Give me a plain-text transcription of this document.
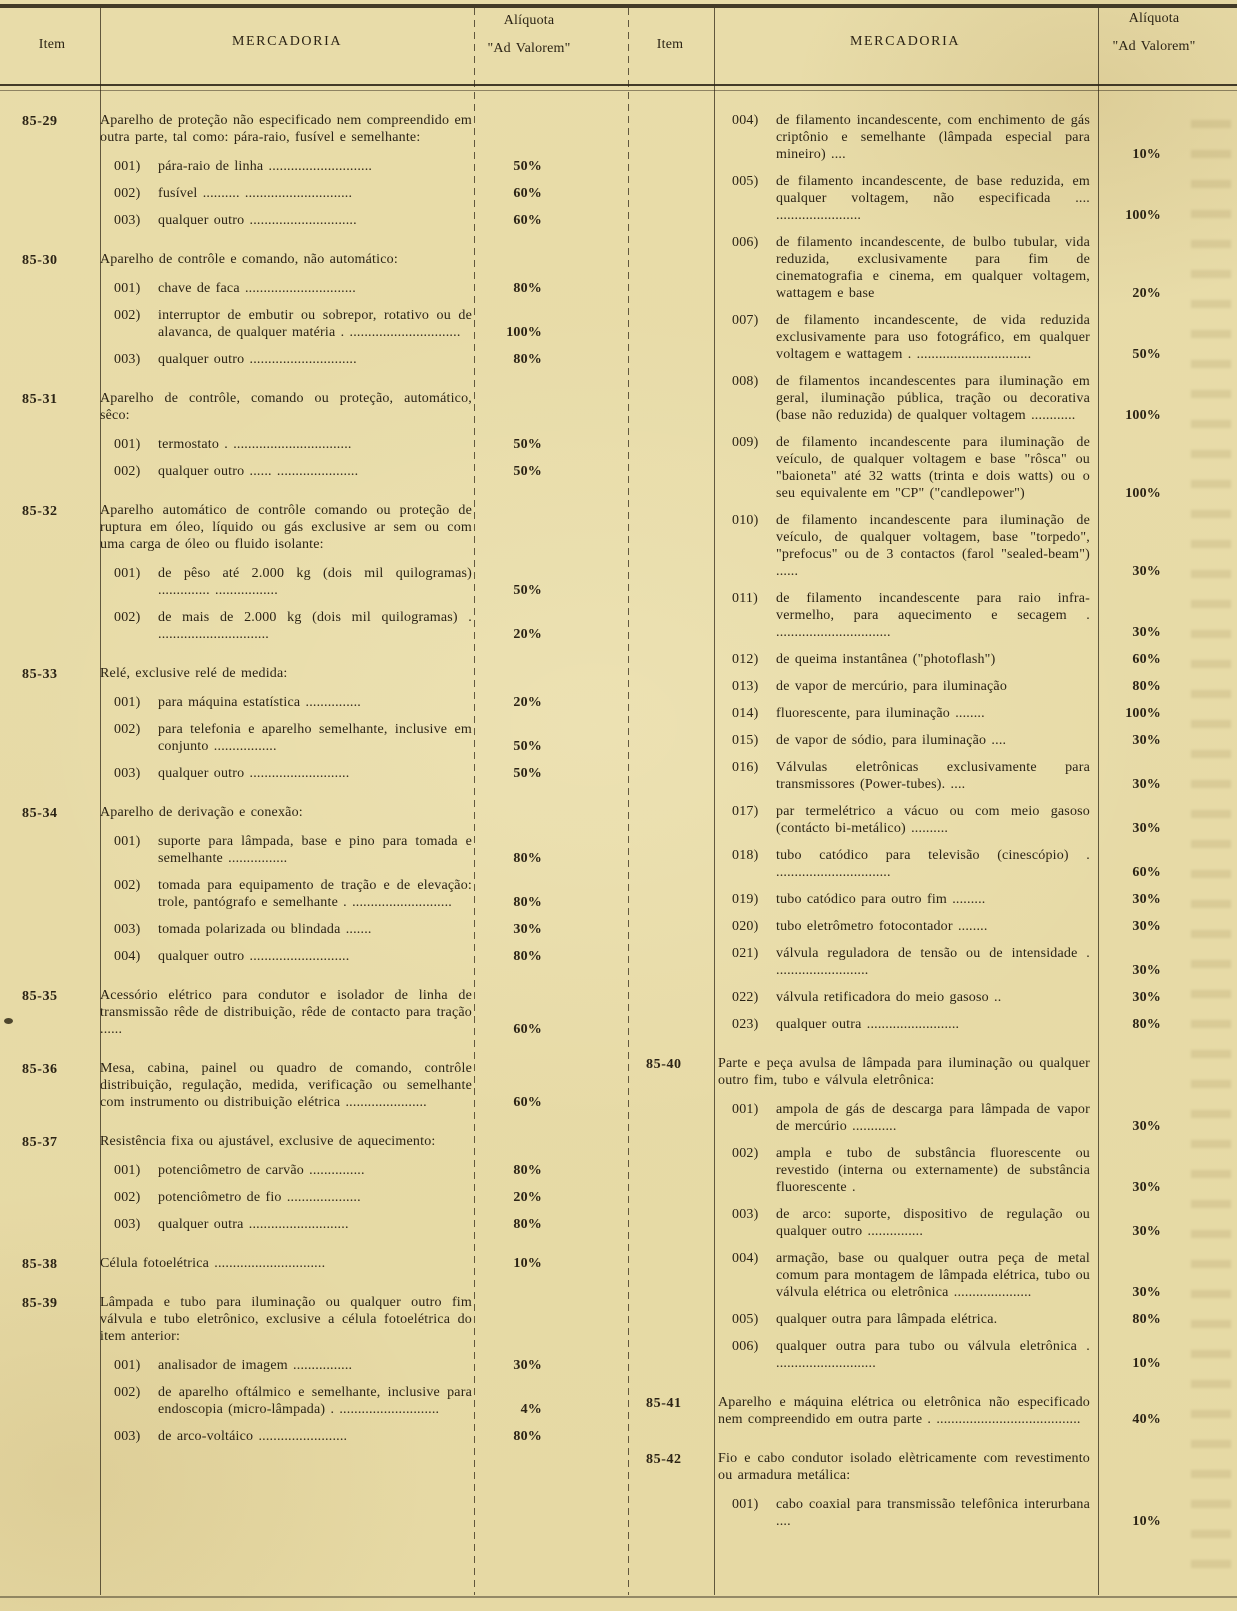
Item	MERCADORIA
Alíquota
"Ad Valorem"	Item	MERCADORIA
Alíquota
"Ad Valorem"
85-29	Aparelho de proteção não especificado nem compreendido em outra parte, tal como: pára-raio, fusível e semelhante:
001)	pára-raio de linha ............................	50%
002)	fusível .......... .............................	60%
003)	qualquer outro .............................	60%
85-30	Aparelho de contrôle e comando, não automático:
001)	chave de faca ..............................	80%
002)	interruptor de embutir ou sobrepor, rotativo ou de alavanca, de qualquer matéria . ..............................	100%
003)	qualquer outro .............................	80%
85-31	Aparelho de contrôle, comando ou proteção, automático, sêco:
001)	termostato . ................................	50%
002)	qualquer outro ...... ......................	50%
85-32	Aparelho automático de contrôle comando ou proteção de ruptura em óleo, líquido ou gás exclusive ar sem ou com uma carga de óleo ou fluido isolante:
001)	de pêso até 2.000 kg (dois mil quilogramas) .............. .................	50%
002)	de mais de 2.000 kg (dois mil quilogramas) . ..............................	20%
85-33	Relé, exclusive relé de medida:
001)	para máquina estatística ...............	20%
002)	para telefonia e aparelho semelhante, inclusive em conjunto .................	50%
003)	qualquer outro ...........................	50%
85-34	Aparelho de derivação e conexão:
001)	suporte para lâmpada, base e pino para tomada e semelhante ................	80%
002)	tomada para equipamento de tração e de elevação: trole, pantógrafo e semelhante . ...........................	80%
003)	tomada polarizada ou blindada .......	30%
004)	qualquer outro ...........................	80%
85-35	Acessório elétrico para condutor e isolador de linha de transmissão rêde de distribuição, rêde de contacto para tração ......	60%
85-36	Mesa, cabina, painel ou quadro de comando, contrôle distribuição, regulação, medida, verificação ou semelhante com instrumento ou distribuição elétrica ......................	60%
85-37	Resistência fixa ou ajustável, exclusive de aquecimento:
001)	potenciômetro de carvão ...............	80%
002)	potenciômetro de fio ....................	20%
003)	qualquer outra ...........................	80%
85-38	Célula fotoelétrica ..............................	10%
85-39	Lâmpada e tubo para iluminação ou qualquer outro fim válvula e tubo eletrônico, exclusive a célula fotoelétrica do item anterior:
001)	analisador de imagem ................	30%
002)	de aparelho oftálmico e semelhante, inclusive para endoscopia (micro-lâmpada) . ...........................	4%
003)	de arco-voltáico ........................	80%
004)	de filamento incandescente, com enchimento de gás criptônio e semelhante (lâmpada especial para mineiro) ....	10%
005)	de filamento incandescente, de base reduzida, em qualquer voltagem, não especificada .... .......................	100%
006)	de filamento incandescente, de bulbo tubular, vida reduzida, exclusivamente para fim de cinematografia e cinema, em qualquer voltagem, wattagem e base	20%
007)	de filamento incandescente, de vida reduzida exclusivamente para uso fotográfico, em qualquer voltagem e wattagem . ...............................	50%
008)	de filamentos incandescentes para iluminação em geral, iluminação pública, tração ou decorativa (base não reduzida) de qualquer voltagem ............	100%
009)	de filamento incandescente para iluminação de veículo, de qualquer voltagem e base "rôsca" ou "baioneta" até 32 watts (trinta e dois watts) ou o seu equivalente em "CP" ("candlepower")	100%
010)	de filamento incandescente para iluminação de veículo, de qualquer voltagem, base "torpedo", "prefocus" ou de 3 contactos (farol "sealed-beam") ......	30%
011)	de filamento incandescente para raio infra-vermelho, para aquecimento e secagem . ...............................	30%
012)	de queima instantânea ("photoflash")	60%
013)	de vapor de mercúrio, para iluminação	80%
014)	fluorescente, para iluminação ........	100%
015)	de vapor de sódio, para iluminação ....	30%
016)	Válvulas eletrônicas exclusivamente para transmissores (Power-tubes). ....	30%
017)	par termelétrico a vácuo ou com meio gasoso (contácto bi-metálico) ..........	30%
018)	tubo catódico para televisão (cinescópio) . ...............................	60%
019)	tubo catódico para outro fim .........	30%
020)	tubo eletrômetro fotocontador ........	30%
021)	válvula reguladora de tensão ou de intensidade . .........................	30%
022)	válvula retificadora do meio gasoso ..	30%
023)	qualquer outra .........................	80%
85-40	Parte e peça avulsa de lâmpada para iluminação ou qualquer outro fim, tubo e válvula eletrônica:
001)	ampola de gás de descarga para lâmpada de vapor de mercúrio ............	30%
002)	ampla e tubo de substância fluorescente ou revestido (interna ou externamente) de substância fluorescente .	30%
003)	de arco: suporte, dispositivo de regulação ou qualquer outro ...............	30%
004)	armação, base ou qualquer outra peça de metal comum para montagem de lâmpada elétrica, tubo ou válvula elétrica ou eletrônica .....................	30%
005)	qualquer outra para lâmpada elétrica.	80%
006)	qualquer outra para tubo ou válvula eletrônica . ...........................	10%
85-41	Aparelho e máquina elétrica ou eletrônica não especificado nem compreendido em outra parte . .......................................	40%
85-42	Fio e cabo condutor isolado elètricamente com revestimento ou armadura metálica:
001)	cabo coaxial para transmissão telefônica interurbana ....	10%
